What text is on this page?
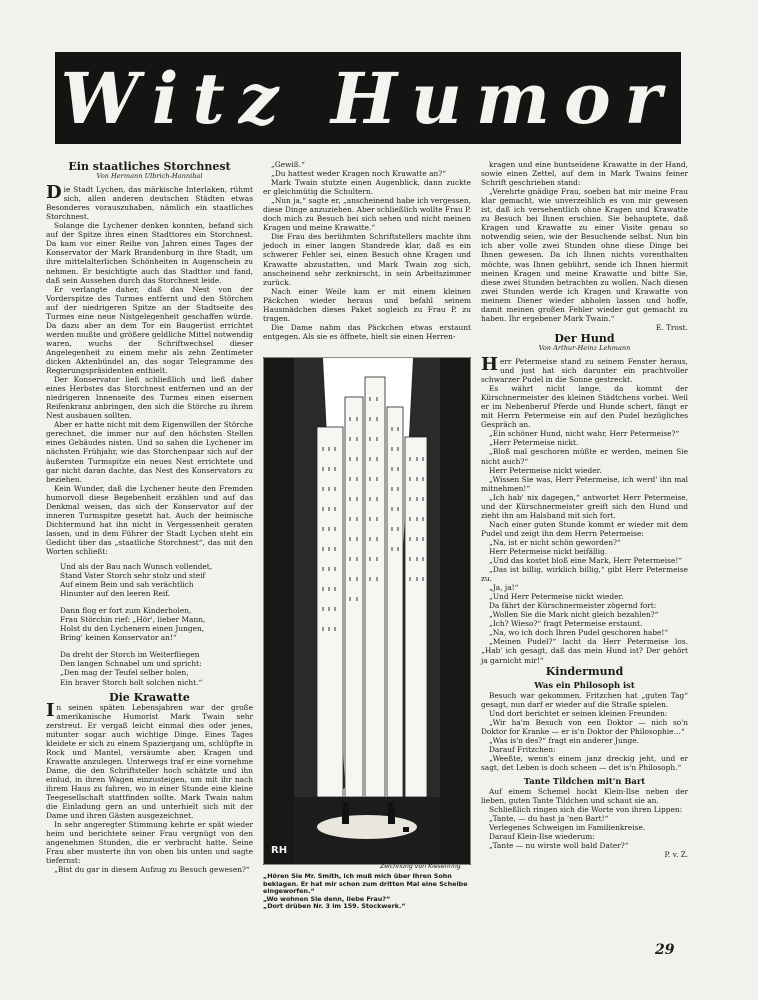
Witz Humor
Ein staatliches Storchnest
Von Hermann Ulbrich-Hannibal

Die Stadt Lychen, das märkische Interlaken, rühmt sich, allen anderen deutschen Städten etwas Besonderes vorauszuhaben, nämlich ein staatliches Storchnest.

Solange die Lychener denken konnten, befand sich auf der Spitze ihres einen Stadttores ein Storchnest. Da kam vor einer Reihe von Jahren eines Tages der Konservator der Mark Brandenburg in ihre Stadt, um ihre mittelalterlichen Schönheiten in Augenschein zu nehmen. Er besichtigte auch das Stadttor und fand, daß sein Aussehen durch das Storchnest leide.

Er verlangte daher, daß das Nest von der Vorderspitze des Turmes entfernt und den Störchen auf der niedrigeren Spitze an der Stadtseite des Turmes eine neue Nistgelegenheit geschaffen würde. Da dazu aber an dem Tor ein Baugerüst errichtet werden mußte und größere geldliche Mittel notwendig waren, wuchs der Schriftwechsel dieser Angelegenheit zu einem mehr als zehn Zentimeter dicken Aktenbündel an, das sogar Telegramme des Regierungspräsidenten enthielt.

Der Konservator ließ schließlich und ließ daher eines Herbstes das Storchnest entfernen und an der niedrigeren Innenseite des Turmes einen eisernen Reifenkranz anbringen, den sich die Störche zu ihrem Nest ausbauen sollten.

Aber er hatte nicht mit dem Eigenwillen der Störche gerechnet, die immer nur auf den höchsten Stellen eines Gebäudes nisten. Und so sahen die Lychener im nächsten Frühjahr, wie das Storchenpaar sich auf der äußersten Turmspitze ein neues Nest errichtete und gar nicht daran dachte, das Nest des Konservators zu beziehen.

Kein Wunder, daß die Lychener heute den Fremden humorvoll diese Begebenheit erzählen und auf das Denkmal weisen, das sich der Konservator auf der inneren Turmspitze gesetzt hat. Auch der heimische Dichtermund hat ihn nicht in Vergessenheit geraten lassen, und in dem Führer der Stadt Lychen steht ein Gedicht über das „staatliche Storchnest“, das mit den Worten schließt:

Und als der Bau nach Wunsch vollendet,
Stand Vater Storch sehr stolz und steif
Auf einem Bein und sah verächtlich
Hinunter auf den leeren Reif.
Dann flog er fort zum Kinderholen,
Frau Störchin rief: „Hör', lieber Mann,
Holst du den Lychenern einen Jungen,
Bring' keinen Konservator an!“
Da dreht der Storch im Weiterfliegen
Den langen Schnabel um und spricht:
„Den mag der Teufel selber holen,
Ein braver Storch holt solchen nicht.“
Die Krawatte

In seinen späten Lebensjahren war der große amerikanische Humorist Mark Twain sehr zerstreut. Er vergaß leicht einmal dies oder jenes, mitunter sogar auch wichtige Dinge. Eines Tages kleidete er sich zu einem Spaziergang um, schlüpfte in Rock und Mantel, versäumte aber, Kragen und Krawatte anzulegen. Unterwegs traf er eine vornehme Dame, die den Schriftsteller hoch schätzte und ihn einlud, in ihren Wagen einzusteigen, um mit ihr nach ihrem Haus zu fahren, wo in einer Stunde eine kleine Teegesellschaft stattfinden sollte. Mark Twain nahm die Einladung gern an und unterhielt sich mit der Dame und ihren Gästen ausgezeichnet.

In sehr angeregter Stimmung kehrte er spät wieder heim und berichtete seiner Frau vergnügt von den angenehmen Stunden, die er verbracht hatte. Seine Frau aber musterte ihn von oben bis unten und sagte tiefernst:

„Bist du gar in diesem Aufzug zu Besuch gewesen?“

„Gewiß.“

„Du hattest weder Kragen noch Krawatte an?“

Mark Twain stutzte einen Augenblick, dann zuckte er gleichmütig die Schultern.

„Nun ja,“ sagte er, „anscheinend habe ich vergessen, diese Dinge anzuziehen. Aber schließlich wollte Frau P. doch mich zu Besuch bei sich sehen und nicht meinen Kragen und meine Krawatte.“

Die Frau des berühmten Schriftstellers machte ihm jedoch in einer langen Standrede klar, daß es ein schwerer Fehler sei, einen Besuch ohne Kragen und Krawatte abzustatten, und Mark Twain zog sich, anscheinend sehr zerknirscht, in sein Arbeitszimmer zurück.

Nach einer Weile kam er mit einem kleinen Päckchen wieder heraus und befahl seinem Hausmädchen dieses Paket sogleich zu Frau P. zu tragen.

Die Dame nahm das Päckchen etwas erstaunt entgegen. Als sie es öffnete, hielt sie einen Herren-

RH
Zeichnung von Kiesenring
„Hören Sie Mr. Smith, ich muß mich über Ihren Sohn beklagen. Er hat mir schon zum dritten Mal eine Scheibe eingeworfen.“
„Wo wohnen Sie denn, liebe Frau?“
„Dort drüben Nr. 3 im 159. Stockwerk.“

kragen und eine buntseidene Krawatte in der Hand, sowie einen Zettel, auf dem in Mark Twains feiner Schrift geschrieben stand:

„Verehrte gnädige Frau, soeben hat mir meine Frau klar gemacht, wie unverzeihlich es von mir gewesen ist, daß ich versehentlich ohne Kragen und Krawatte zu Besuch bei Ihnen erschien. Sie behauptete, daß Kragen und Krawatte zu einer Visite genau so notwendig seien, wie der Besuchende selbst. Nun bin ich aber volle zwei Stunden ohne diese Dinge bei Ihnen gewesen. Da ich Ihnen nichts vorenthalten möchte, was Ihnen gebührt, sende ich Ihnen hiermit meinen Kragen und meine Krawatte und bitte Sie, diese zwei Stunden betrachten zu wollen. Nach diesen zwei Stunden werde ich Kragen und Krawatte von meinem Diener wieder abholen lassen und hoffe, damit meinen großen Fehler wieder gut gemacht zu haben. Ihr ergebener Mark Twain.“

E. Trost.
Der Hund
Von Arthur-Heinz Lehmann

Herr Petermeise stand zu seinem Fenster heraus, und just hat sich darunter ein prachtvoller schwarzer Pudel in die Sonne gestreckt.

Es währt nicht lange, da kommt der Kürschnermeister des kleinen Städtchens vorbei. Weil er im Nebenberuf Pferde und Hunde schert, fängt er mit Herrn Petermeise ein auf den Pudel bezügliches Gespräch an.

„Ein schöner Hund, nicht wahr, Herr Petermeise?“

„Herr Petermeise nickt.

„Bloß mal geschoren müßte er werden, meinen Sie nicht auch?“

Herr Petermeise nickt wieder.

„Wissen Sie was, Herr Petermeise, ich werd' ihn mal mitnehmen!“

„Ich hab' nix dagegen,“ antwortet Herr Petermeise, und der Kürschnermeister greift sich den Hund und zieht ihn am Halsband mit sich fort.

Nach einer guten Stunde kommt er wieder mit dem Pudel und zeigt ihn dem Herrn Petermeise:

„Na, ist er nicht schön geworden?“

Herr Petermeise nickt beifällig.

„Und das kostet bloß eine Mark, Herr Petermeise!“

„Das ist billig, wirklich billig,“ gibt Herr Petermeise zu.

„Ja, ja!“

„Und Herr Petermeise nickt wieder.

Da fährt der Kürschnermeister zögernd fort:

„Wollen Sie die Mark nicht gleich bezahlen?“

„Ich? Wieso?“ fragt Petermeise erstaunt.

„Na, wo ich doch Ihren Pudel geschoren habe!“

„Meinen Pudel?“ lacht da Herr Petermeise los. „Hab' ich gesagt, daß das mein Hund ist? Der gehört ja garnicht mir!“

Kindermund
Was ein Philosoph ist

Besuch war gekommen. Fritzchen hat „guten Tag“ gesagt, nun darf er wieder auf die Straße spielen.

Und dort berichtet er seinen kleinen Freunden:

„Wir ha'm Besuch von een Doktor — nich so'n Doktor for Kranke — er is'n Doktor der Philosophie…“

„Was is'n des?“ fragt ein anderer Junge.

Darauf Fritzchen:

„Weeßte, wenn's einem janz dreckig jeht, und er sagt, det Leben is doch scheen — det is'n Philosoph.“

Tante Tildchen mit'n Bart

Auf einem Schemel hockt Klein-Ilse neben der lieben, guten Tante Tildchen und schaut sie an.

Schließlich ringen sich die Worte von ihren Lippen:

„Tante, — du hast ja 'nen Bart!“

Verlegenes Schweigen im Familienkreise.

Darauf Klein-Ilse wiederum:

„Tante — nu wirste woll bald Dater?“

P. v. Z.
29
